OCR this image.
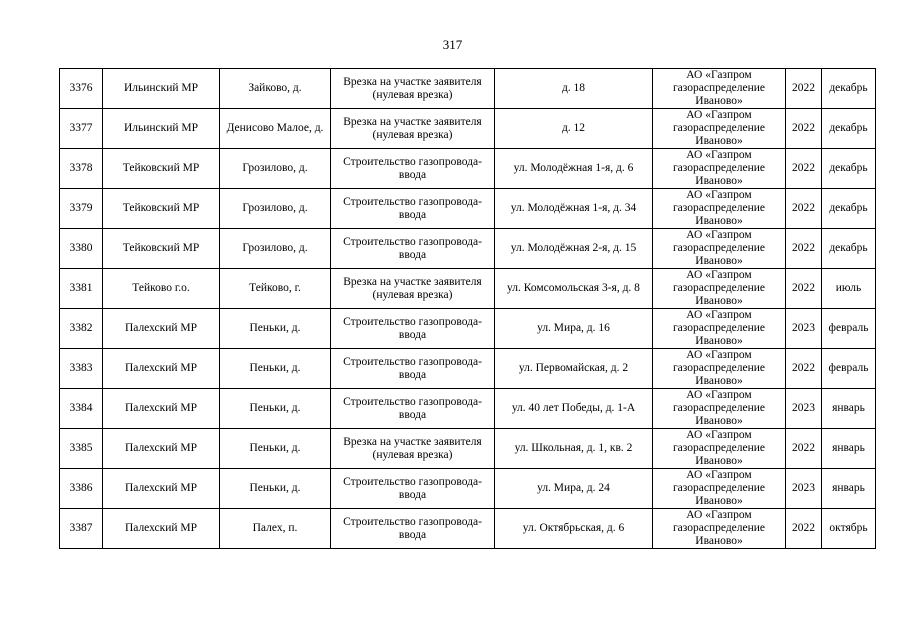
317
3376	Ильинский МР	Зайково, д.	Врезка на участке заявителя (нулевая врезка)	д. 18	АО «Газпром газораспределение Иваново»	2022	декабрь
3377	Ильинский МР	Денисово Малое, д.	Врезка на участке заявителя (нулевая врезка)	д. 12	АО «Газпром газораспределение Иваново»	2022	декабрь
3378	Тейковский МР	Грозилово, д.	Строительство газопровода-ввода	ул. Молодёжная 1-я, д. 6	АО «Газпром газораспределение Иваново»	2022	декабрь
3379	Тейковский МР	Грозилово, д.	Строительство газопровода-ввода	ул. Молодёжная 1-я, д. 34	АО «Газпром газораспределение Иваново»	2022	декабрь
3380	Тейковский МР	Грозилово, д.	Строительство газопровода-ввода	ул. Молодёжная 2-я, д. 15	АО «Газпром газораспределение Иваново»	2022	декабрь
3381	Тейково г.о.	Тейково, г.	Врезка на участке заявителя (нулевая врезка)	ул. Комсомольская 3-я, д. 8	АО «Газпром газораспределение Иваново»	2022	июль
3382	Палехский МР	Пеньки, д.	Строительство газопровода-ввода	ул. Мира, д. 16	АО «Газпром газораспределение Иваново»	2023	февраль
3383	Палехский МР	Пеньки, д.	Строительство газопровода-ввода	ул. Первомайская, д. 2	АО «Газпром газораспределение Иваново»	2022	февраль
3384	Палехский МР	Пеньки, д.	Строительство газопровода-ввода	ул. 40 лет Победы, д. 1-А	АО «Газпром газораспределение Иваново»	2023	январь
3385	Палехский МР	Пеньки, д.	Врезка на участке заявителя (нулевая врезка)	ул. Школьная, д. 1, кв. 2	АО «Газпром газораспределение Иваново»	2022	январь
3386	Палехский МР	Пеньки, д.	Строительство газопровода-ввода	ул. Мира, д. 24	АО «Газпром газораспределение Иваново»	2023	январь
3387	Палехский МР	Палех, п.	Строительство газопровода-ввода	ул. Октябрьская, д. 6	АО «Газпром газораспределение Иваново»	2022	октябрь
